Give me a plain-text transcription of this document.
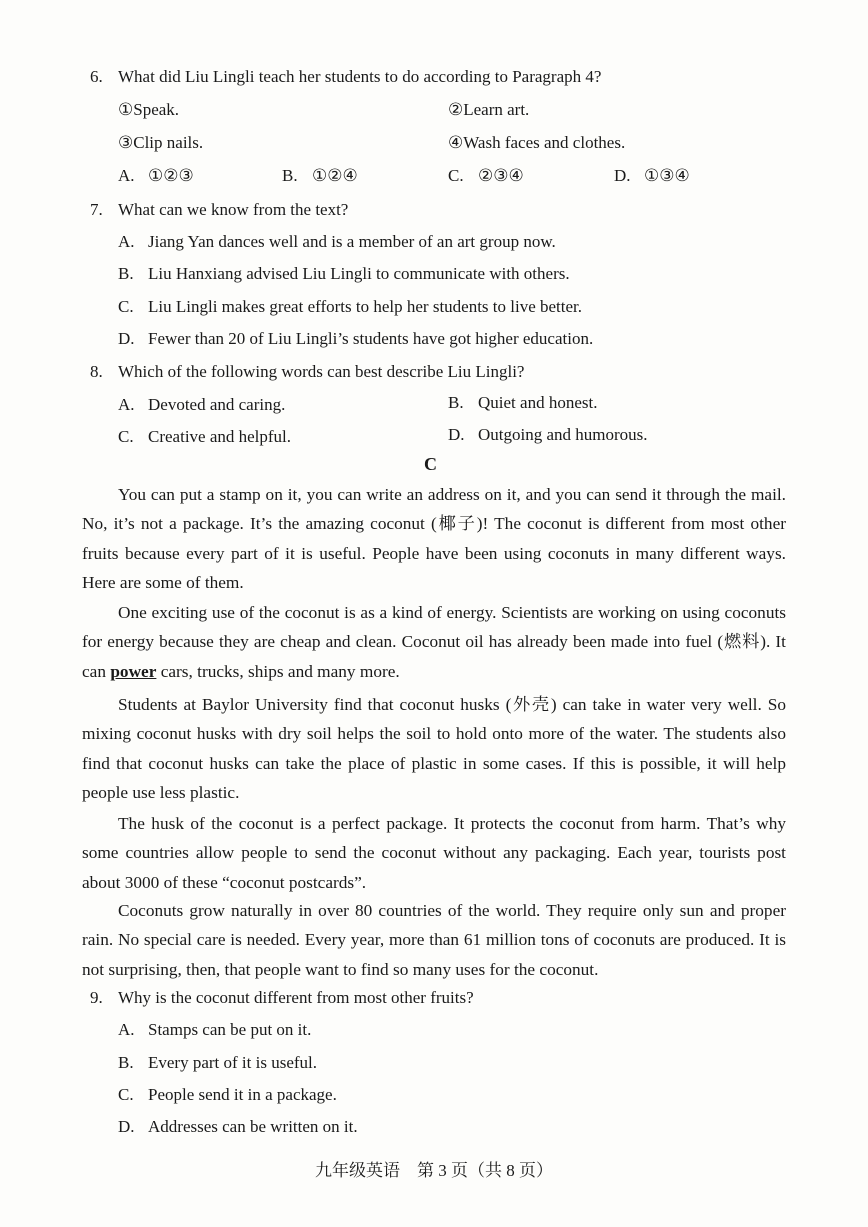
6. What did Liu Lingli teach her students to do according to Paragraph 4?
①Speak.	②Learn art.
③Clip nails.	④Wash faces and clothes.
A. ①②③	B. ①②④	C. ②③④	D. ①③④
7. What can we know from the text?
A. Jiang Yan dances well and is a member of an art group now.
B. Liu Hanxiang advised Liu Lingli to communicate with others.
C. Liu Lingli makes great efforts to help her students to live better.
D. Fewer than 20 of Liu Lingli’s students have got higher education.
8. Which of the following words can best describe Liu Lingli?
A. Devoted and caring.	B. Quiet and honest.
C. Creative and helpful.	D. Outgoing and humorous.
C
You can put a stamp on it, you can write an address on it, and you can send it through the mail. No, it’s not a package. It’s the amazing coconut (椰子)! The coconut is different from most other fruits because every part of it is useful. People have been using coconuts in many different ways. Here are some of them.
One exciting use of the coconut is as a kind of energy. Scientists are working on using coconuts for energy because they are cheap and clean. Coconut oil has already been made into fuel (燃料). It can power cars, trucks, ships and many more.
Students at Baylor University find that coconut husks (外壳) can take in water very well. So mixing coconut husks with dry soil helps the soil to hold onto more of the water. The students also find that coconut husks can take the place of plastic in some cases. If this is possible, it will help people use less plastic.
The husk of the coconut is a perfect package. It protects the coconut from harm. That’s why some countries allow people to send the coconut without any packaging. Each year, tourists post about 3000 of these “coconut postcards”.
Coconuts grow naturally in over 80 countries of the world. They require only sun and proper rain. No special care is needed. Every year, more than 61 million tons of coconuts are produced. It is not surprising, then, that people want to find so many uses for the coconut.
9. Why is the coconut different from most other fruits?
A. Stamps can be put on it.
B. Every part of it is useful.
C. People send it in a package.
D. Addresses can be written on it.
九年级英语　第 3 页（共 8 页）
